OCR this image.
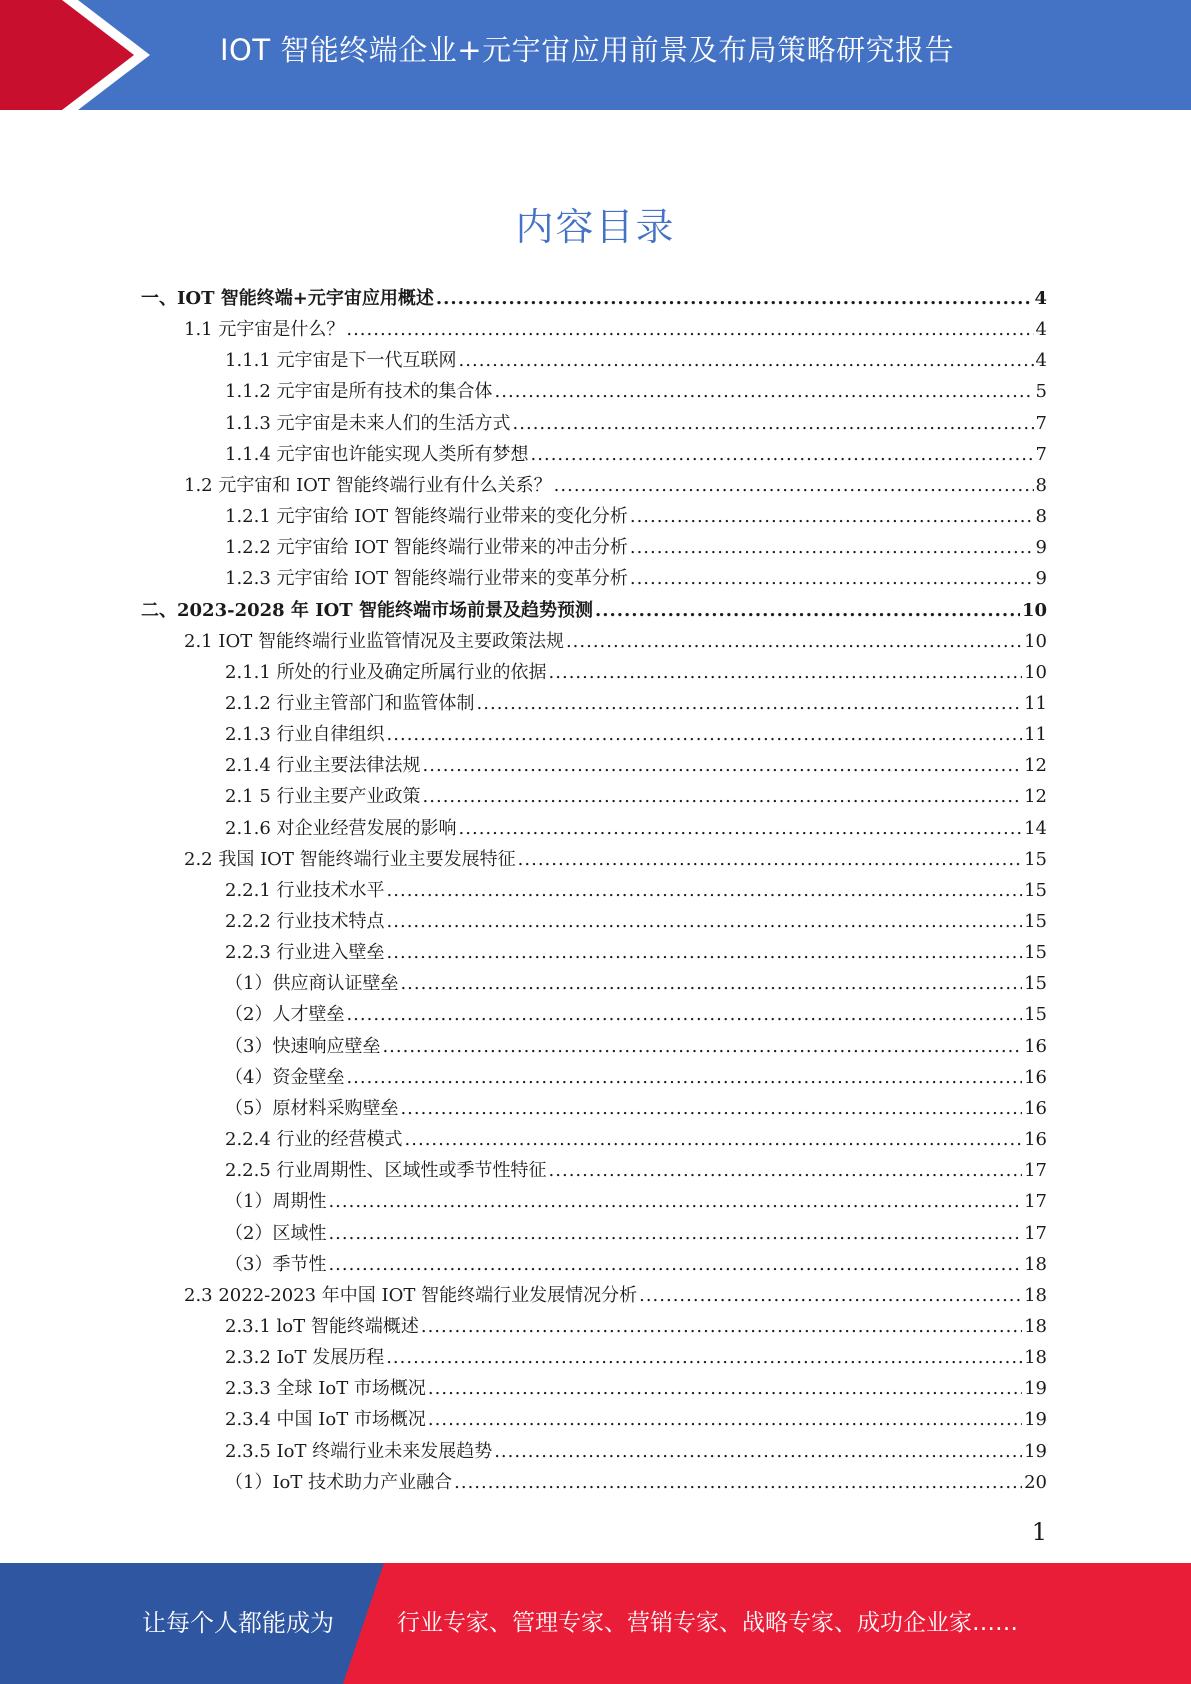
IOT 智能终端企业+元宇宙应用前景及布局策略研究报告
内容目录
一、IOT 智能终端+元宇宙应用概述 .....	4
1.1 元宇宙是什么？ .....	4
1.1.1 元宇宙是下一代互联网 .....	4
1.1.2 元宇宙是所有技术的集合体 .....	5
1.1.3 元宇宙是未来人们的生活方式 .....	7
1.1.4 元宇宙也许能实现人类所有梦想 .....	7
1.2 元宇宙和 IOT 智能终端行业有什么关系？ .....	8
1.2.1 元宇宙给 IOT 智能终端行业带来的变化分析 .....	8
1.2.2 元宇宙给 IOT 智能终端行业带来的冲击分析 .....	9
1.2.3 元宇宙给 IOT 智能终端行业带来的变革分析 .....	9
二、2023-2028 年 IOT 智能终端市场前景及趋势预测 .....	10
2.1 IOT 智能终端行业监管情况及主要政策法规 .....	10
2.1.1 所处的行业及确定所属行业的依据 .....	10
2.1.2 行业主管部门和监管体制 .....	11
2.1.3 行业自律组织 .....	11
2.1.4 行业主要法律法规 .....	12
2.1 5 行业主要产业政策 .....	12
2.1.6 对企业经营发展的影响 .....	14
2.2 我国 IOT 智能终端行业主要发展特征 .....	15
2.2.1 行业技术水平 .....	15
2.2.2 行业技术特点 .....	15
2.2.3 行业进入壁垒 .....	15
（1）供应商认证壁垒 .....	15
（2）人才壁垒 .....	15
（3）快速响应壁垒 .....	16
（4）资金壁垒 .....	16
（5）原材料采购壁垒 .....	16
2.2.4 行业的经营模式 .....	16
2.2.5 行业周期性、区域性或季节性特征 .....	17
（1）周期性 .....	17
（2）区域性 .....	17
（3）季节性 .....	18
2.3 2022-2023 年中国 IOT 智能终端行业发展情况分析 .....	18
2.3.1 loT 智能终端概述 .....	18
2.3.2 IoT 发展历程 .....	18
2.3.3 全球 IoT 市场概况 .....	19
2.3.4 中国 IoT 市场概况 .....	19
2.3.5 IoT 终端行业未来发展趋势 .....	19
（1）IoT 技术助力产业融合 .....	20
1
让每个人都能成为	行业专家、管理专家、营销专家、战略专家、成功企业家……
